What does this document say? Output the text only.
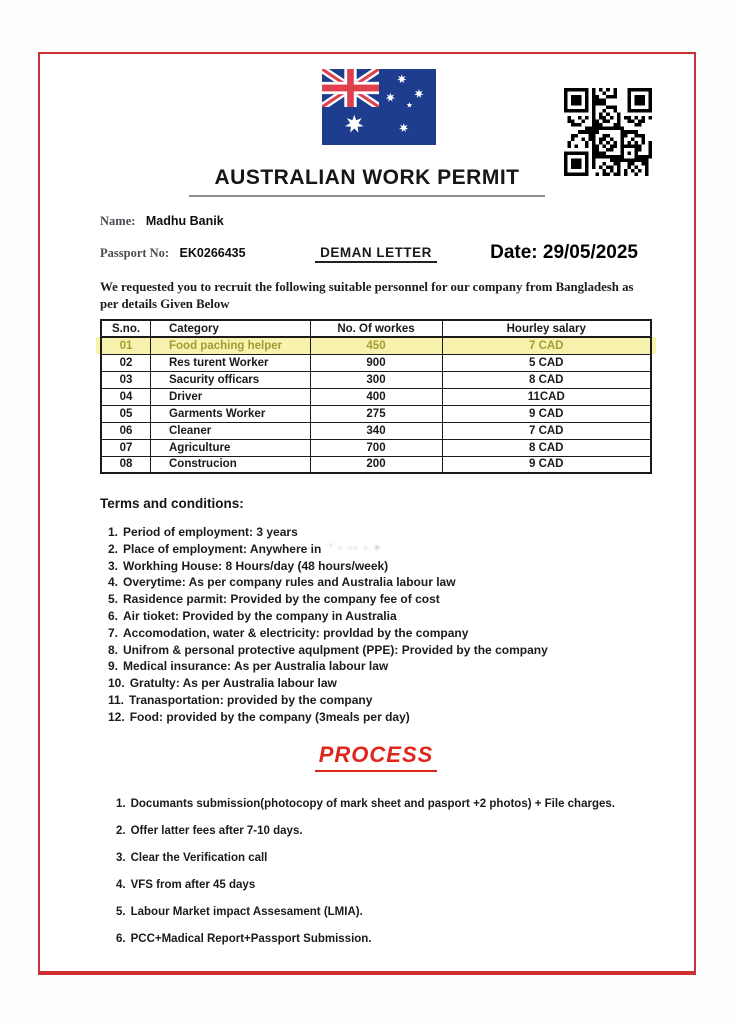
AUSTRALIAN WORK PERMIT
Name: Madhu Banik
Passport No: EK0266435	DEMAN LETTER	Date: 29/05/2025

We requested you to recruit the following suitable personnel for our company from Bangladesh as per details Given Below

S.no.	Category	No. Of workes	Hourley salary
01	Food paching helper	450	7 CAD
02	Res turent Worker	900	5 CAD
03	Sacurity officars	300	8 CAD
04	Driver	400	11CAD
05	Garments Worker	275	9 CAD
06	Cleaner	340	7 CAD
07	Agriculture	700	8 CAD
08	Construcion	200	9 CAD
Terms and conditions:
1. Period of employment: 3 years
2. Place of employment: Anywhere in ' - -- - +
3. Workhing House: 8 Hours/day (48 hours/week)
4. Overytime: As per company rules and Australia labour law
5. Rasidence parmit: Provided by the company fee of cost
6. Air tioket: Provided by the company in Australia
7. Accomodation, water & electricity: provldad by the company
8. Unifrom & personal protective aqulpment (PPE): Provided by the company
9. Medical insurance: As per Australia labour law
10. Gratulty: As per Australia labour law
11. Tranasportation: provided by the company
12. Food: provided by the company (3meals per day)
PROCESS
1. Documants submission(photocopy of mark sheet and pasport +2 photos) + File charges.
2. Offer latter fees after 7-10 days.
3. Clear the Verification call
4. VFS from after 45 days
5. Labour Market impact Assesament (LMIA).
6. PCC+Madical Report+Passport Submission.
